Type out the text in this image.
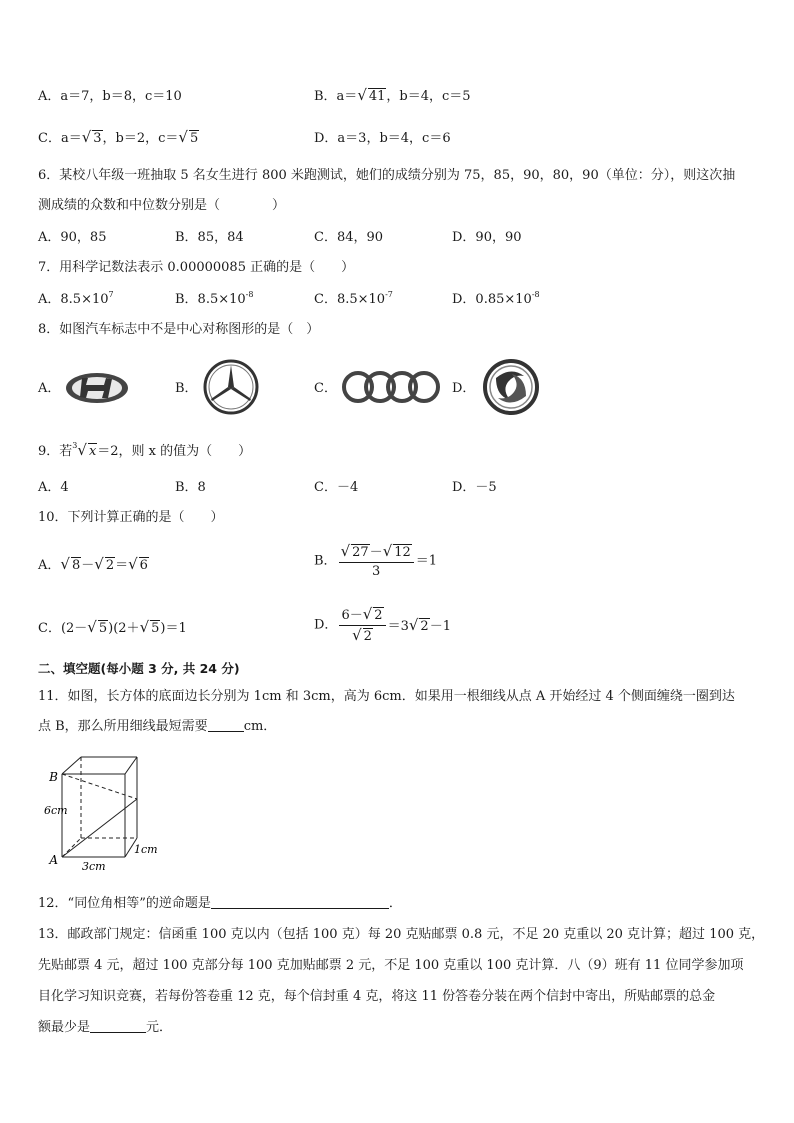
A．a＝7，b＝8，c＝10	B．a＝√ 41，b＝4，c＝5
C．a＝√ 3，b＝2，c＝√ 5	D．a＝3，b＝4，c＝6
6．某校八年级一班抽取 5 名女生进行 800 米跑测试，她们的成绩分别为 75，85，90，80，90（单位：分），则这次抽
测成绩的众数和中位数分别是（　　　　）
A．90，85	B．85，84	C．84，90	D．90，90
7．用科学记数法表示 0.00000085 正确的是（　　）
A．$8.5\times 10^7$	B．$8.5\times 10^{-8}$	C．$8.5\times 10^{-7}$	D．$0.85\times 10^{-8}$
8．如图汽车标志中不是中心对称图形的是（　）
A．	B．	C．	D．
9．若$^3$√ x＝2，则 x 的值为（　　）
A．4	B．8	C．－4	D．－5
10．下列计算正确的是（　　）
A．√ 8－√ 2＝√ 6	B． $\frac{√ 27-√ 12}{3} =1$
C．(2－√ 5)(2＋√ 5)＝1	D． $\frac{6-√ 2}{√ 2} =3√$ 2－1
二、填空题(每小题 3 分, 共 24 分)
11．如图，长方体的底面边长分别为 1cm 和 3cm，高为 6cm．如果用一根细线从点 A 开始经过 4 个侧面缠绕一圈到达
点 B，那么所用细线最短需要	cm．
B
A
6cm
3cm
1cm
12．“同位角相等”的逆命题是	．
13．邮政部门规定：信函重 100 克以内（包括 100 克）每 20 克贴邮票 0.8 元，不足 20 克重以 20 克计算；超过 100 克，
先贴邮票 4 元，超过 100 克部分每 100 克加贴邮票 2 元，不足 100 克重以 100 克计算．八（9）班有 11 位同学参加项
目化学习知识竞赛，若每份答卷重 12 克，每个信封重 4 克，将这 11 份答卷分装在两个信封中寄出，所贴邮票的总金
额最少是	元．
